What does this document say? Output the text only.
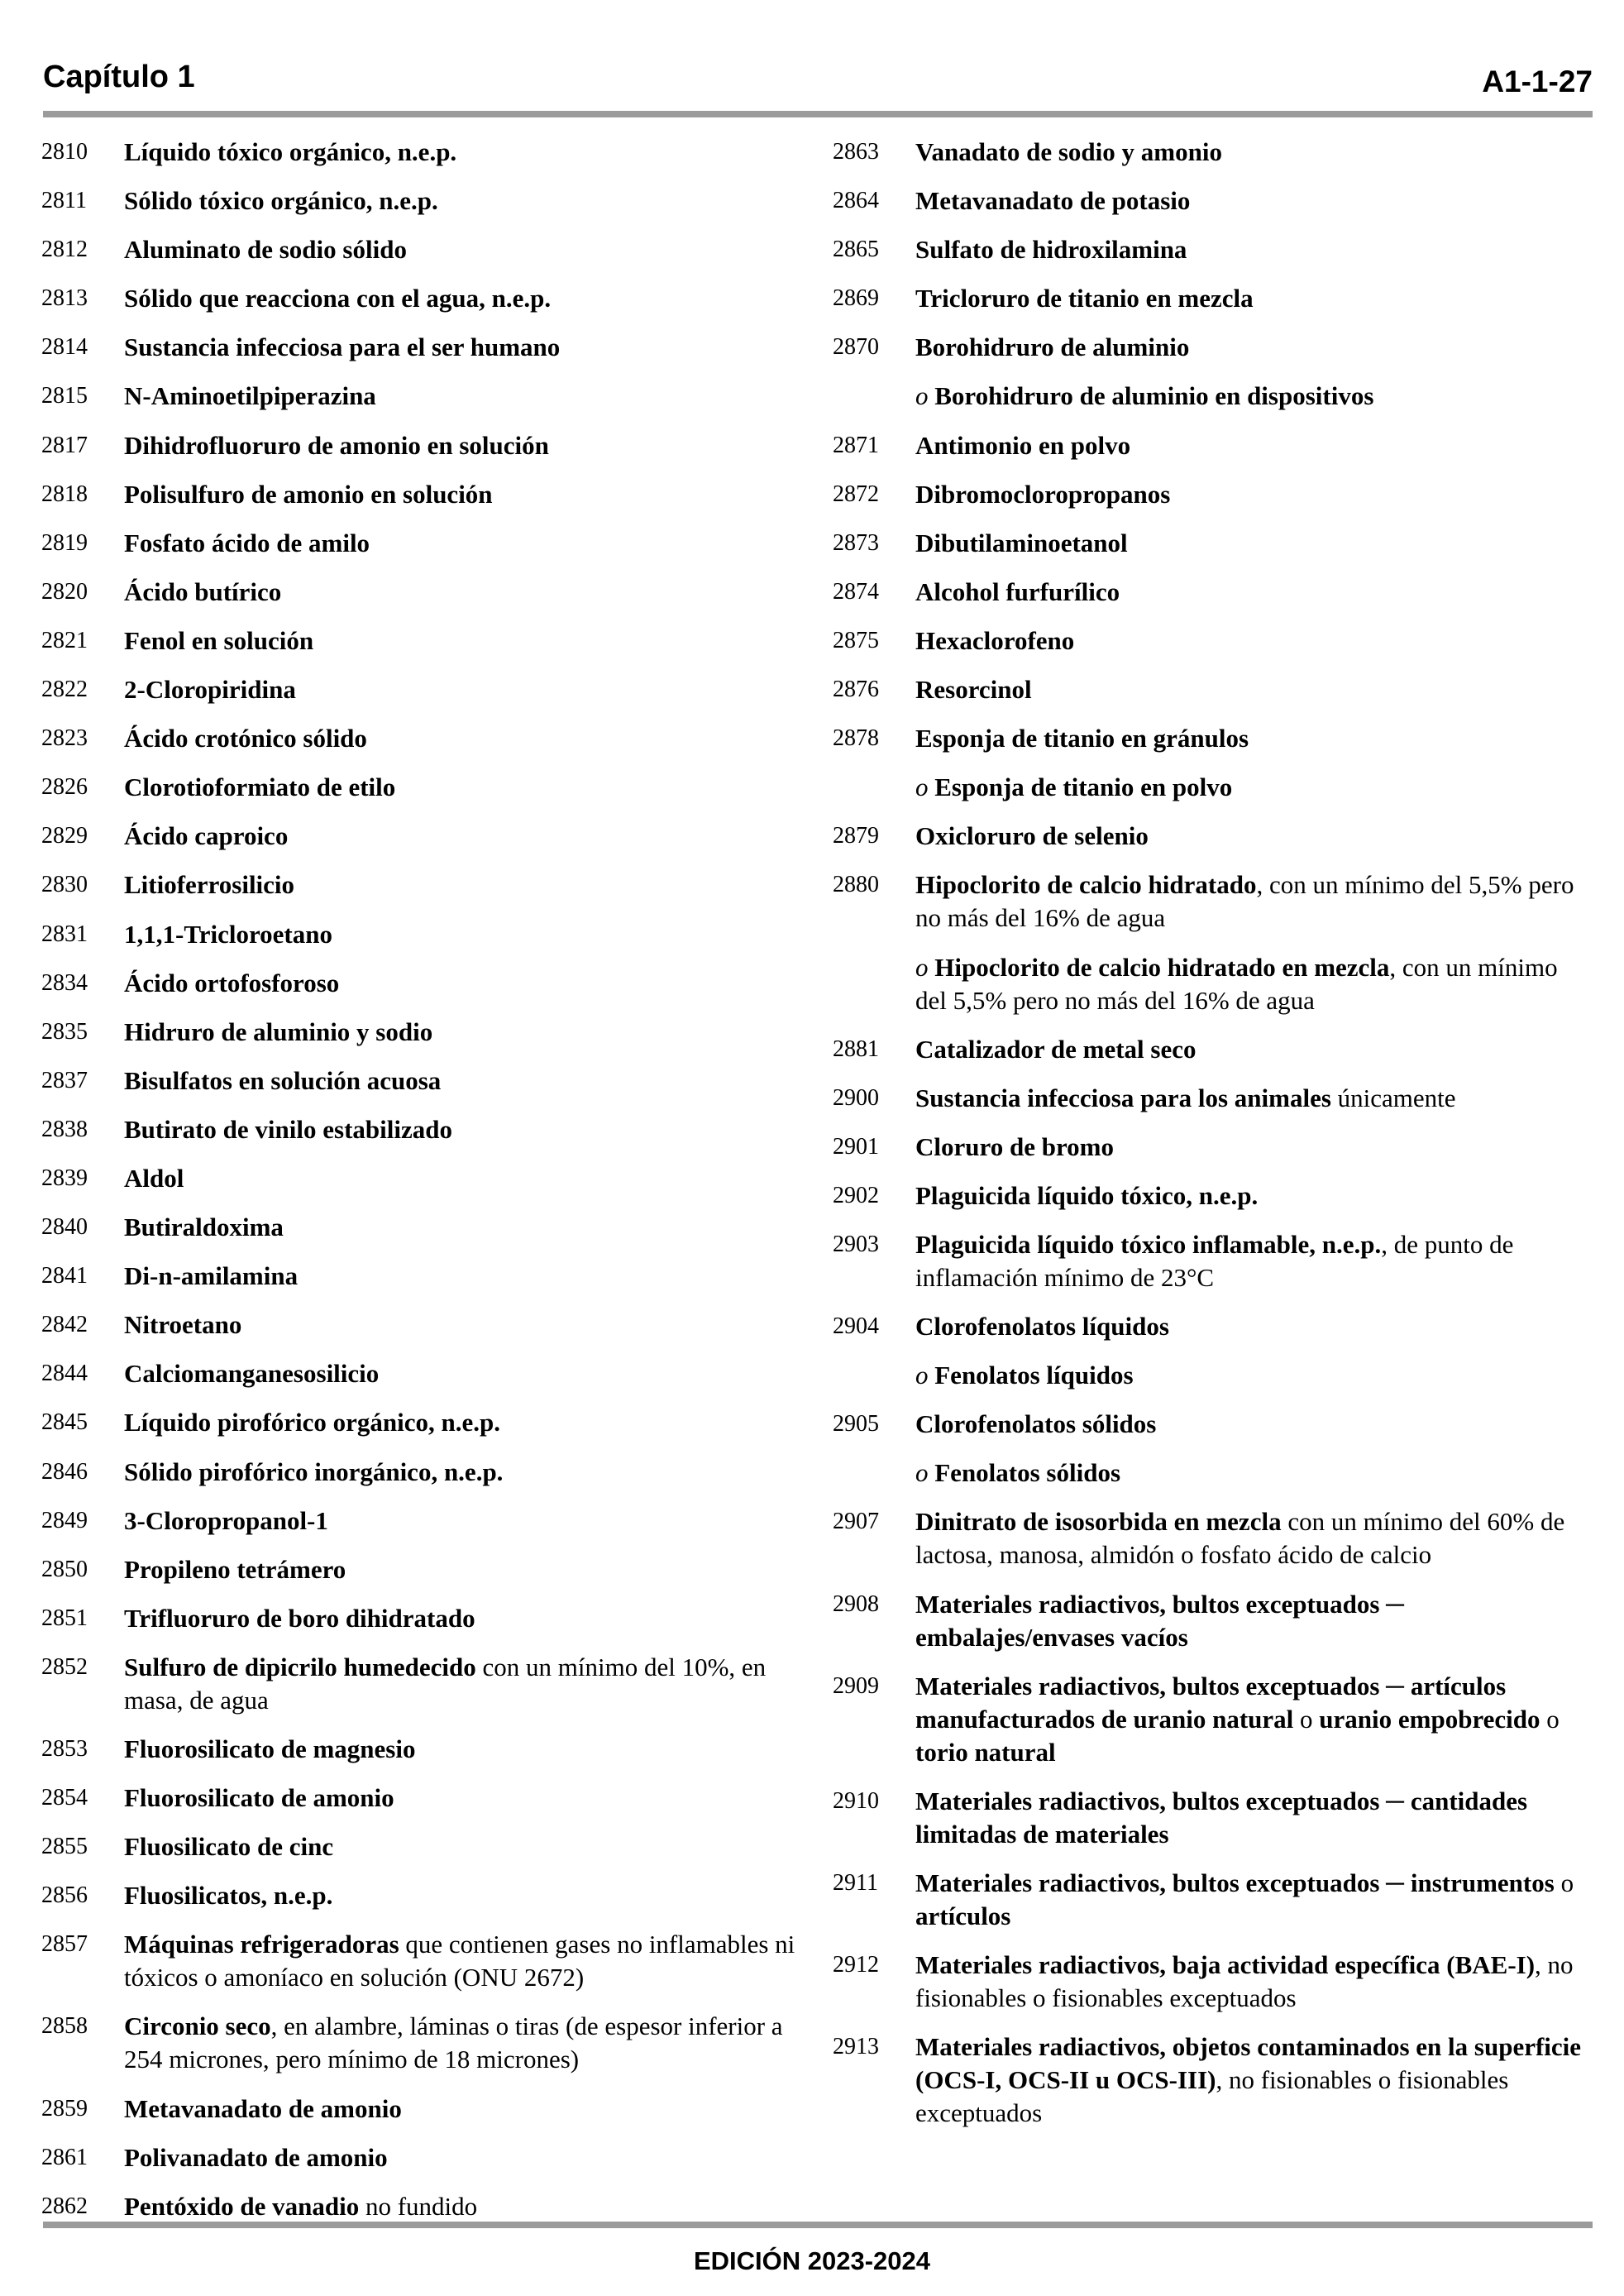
Capítulo 1	A1-1-27
2810	Líquido tóxico orgánico, n.e.p.
2811	Sólido tóxico orgánico, n.e.p.
2812	Aluminato de sodio sólido
2813	Sólido que reacciona con el agua, n.e.p.
2814	Sustancia infecciosa para el ser humano
2815	N-Aminoetilpiperazina
2817	Dihidrofluoruro de amonio en solución
2818	Polisulfuro de amonio en solución
2819	Fosfato ácido de amilo
2820	Ácido butírico
2821	Fenol en solución
2822	2-Cloropiridina
2823	Ácido crotónico sólido
2826	Clorotioformiato de etilo
2829	Ácido caproico
2830	Litioferrosilicio
2831	1,1,1-Tricloroetano
2834	Ácido ortofosforoso
2835	Hidruro de aluminio y sodio
2837	Bisulfatos en solución acuosa
2838	Butirato de vinilo estabilizado
2839	Aldol
2840	Butiraldoxima
2841	Di-n-amilamina
2842	Nitroetano
2844	Calciomanganesosilicio
2845	Líquido pirofórico orgánico, n.e.p.
2846	Sólido pirofórico inorgánico, n.e.p.
2849	3-Cloropropanol-1
2850	Propileno tetrámero
2851	Trifluoruro de boro dihidratado
2852	Sulfuro de dipicrilo humedecido con un mínimo del 10%, en masa, de agua
2853	Fluorosilicato de magnesio
2854	Fluorosilicato de amonio
2855	Fluosilicato de cinc
2856	Fluosilicatos, n.e.p.
2857	Máquinas refrigeradoras que contienen gases no inflamables ni tóxicos o amoníaco en solución (ONU 2672)
2858	Circonio seco, en alambre, láminas o tiras (de espesor inferior a 254 micrones, pero mínimo de 18 micrones)
2859	Metavanadato de amonio
2861	Polivanadato de amonio
2862	Pentóxido de vanadio no fundido
2863	Vanadato de sodio y amonio
2864	Metavanadato de potasio
2865	Sulfato de hidroxilamina
2869	Tricloruro de titanio en mezcla
2870	Borohidruro de aluminio
o Borohidruro de aluminio en dispositivos
2871	Antimonio en polvo
2872	Dibromocloropropanos
2873	Dibutilaminoetanol
2874	Alcohol furfurílico
2875	Hexaclorofeno
2876	Resorcinol
2878	Esponja de titanio en gránulos
o Esponja de titanio en polvo
2879	Oxicloruro de selenio
2880	Hipoclorito de calcio hidratado, con un mínimo del 5,5% pero no más del 16% de agua
o Hipoclorito de calcio hidratado en mezcla, con un mínimo del 5,5% pero no más del 16% de agua
2881	Catalizador de metal seco
2900	Sustancia infecciosa para los animales únicamente
2901	Cloruro de bromo
2902	Plaguicida líquido tóxico, n.e.p.
2903	Plaguicida líquido tóxico inflamable, n.e.p., de punto de inflamación mínimo de 23°C
2904	Clorofenolatos líquidos
o Fenolatos líquidos
2905	Clorofenolatos sólidos
o Fenolatos sólidos
2907	Dinitrato de isosorbida en mezcla con un mínimo del 60% de lactosa, manosa, almidón o fosfato ácido de calcio
2908	Materiales radiactivos, bultos exceptuados ─ embalajes/envases vacíos
2909	Materiales radiactivos, bultos exceptuados ─ artículos manufacturados de uranio natural o uranio empobrecido o torio natural
2910	Materiales radiactivos, bultos exceptuados ─ cantidades limitadas de materiales
2911	Materiales radiactivos, bultos exceptuados ─ instrumentos o artículos
2912	Materiales radiactivos, baja actividad específica (BAE-I), no fisionables o fisionables exceptuados
2913	Materiales radiactivos, objetos contaminados en la superficie (OCS-I, OCS-II u OCS-III), no fisionables o fisionables exceptuados
EDICIÓN 2023-2024
